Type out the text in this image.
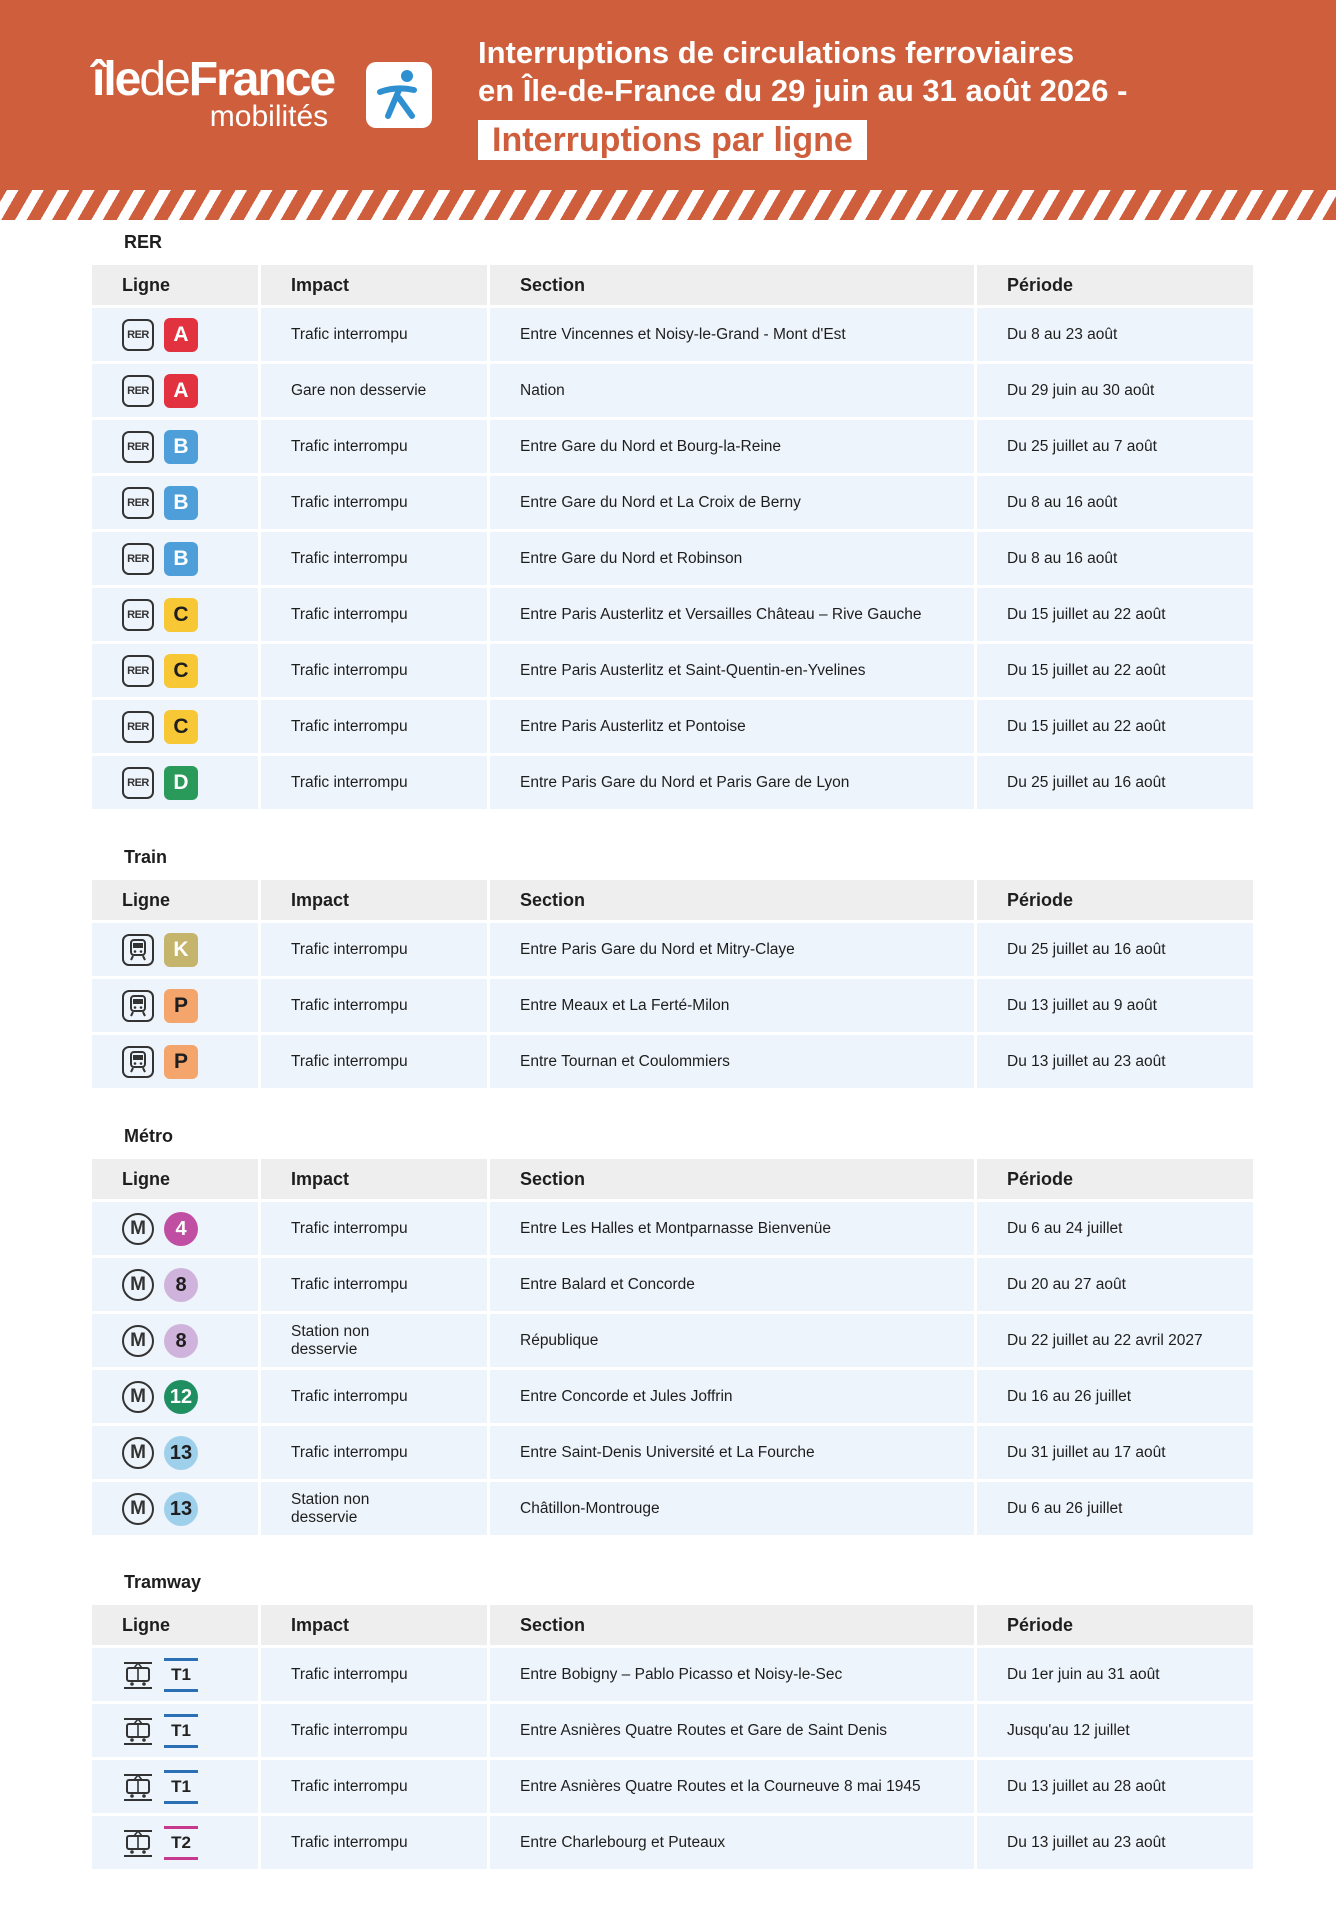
îledeFrance
mobilités
Interruptions de circulations ferroviaires
en Île-de-France du 29 juin au 31 août 2026 -
Interruptions par ligne
RER
Ligne	Impact	Section	Période

RER A	Trafic interrompu	Entre Vincennes et Noisy-le-Grand - Mont d'Est	Du 8 au 23 août

RER A	Gare non desservie	Nation	Du 29 juin au 30 août

RER B	Trafic interrompu	Entre Gare du Nord et Bourg-la-Reine	Du 25 juillet au 7 août

RER B	Trafic interrompu	Entre Gare du Nord et La Croix de Berny	Du 8 au 16 août

RER B	Trafic interrompu	Entre Gare du Nord et Robinson	Du 8 au 16 août

RER C	Trafic interrompu	Entre Paris Austerlitz et Versailles Château – Rive Gauche	Du 15 juillet au 22 août

RER C	Trafic interrompu	Entre Paris Austerlitz et Saint-Quentin-en-Yvelines	Du 15 juillet au 22 août

RER C	Trafic interrompu	Entre Paris Austerlitz et Pontoise	Du 15 juillet au 22 août

RER D	Trafic interrompu	Entre Paris Gare du Nord et Paris Gare de Lyon	Du 25 juillet au 16 août
Train
Ligne	Impact	Section	Période

K	Trafic interrompu	Entre Paris Gare du Nord et Mitry-Claye	Du 25 juillet au 16 août

P	Trafic interrompu	Entre Meaux et La Ferté-Milon	Du 13 juillet au 9 août

P	Trafic interrompu	Entre Tournan et Coulommiers	Du 13 juillet au 23 août
Métro
Ligne	Impact	Section	Période

M 4	Trafic interrompu	Entre Les Halles et Montparnasse Bienvenüe	Du 6 au 24 juillet

M 8	Trafic interrompu	Entre Balard et Concorde	Du 20 au 27 août

M 8	Station non desservie	République	Du 22 juillet au 22 avril 2027

M 12	Trafic interrompu	Entre Concorde et Jules Joffrin	Du 16 au 26 juillet

M 13	Trafic interrompu	Entre Saint-Denis Université et La Fourche	Du 31 juillet au 17 août

M 13	Station non desservie	Châtillon-Montrouge	Du 6 au 26 juillet
Tramway
Ligne	Impact	Section	Période

T1	Trafic interrompu	Entre Bobigny – Pablo Picasso et Noisy-le-Sec	Du 1er juin au 31 août

T1	Trafic interrompu	Entre Asnières Quatre Routes et Gare de Saint Denis	Jusqu'au 12 juillet

T1	Trafic interrompu	Entre Asnières Quatre Routes et la Courneuve 8 mai 1945	Du 13 juillet au 28 août

T2	Trafic interrompu	Entre Charlebourg et Puteaux	Du 13 juillet au 23 août
